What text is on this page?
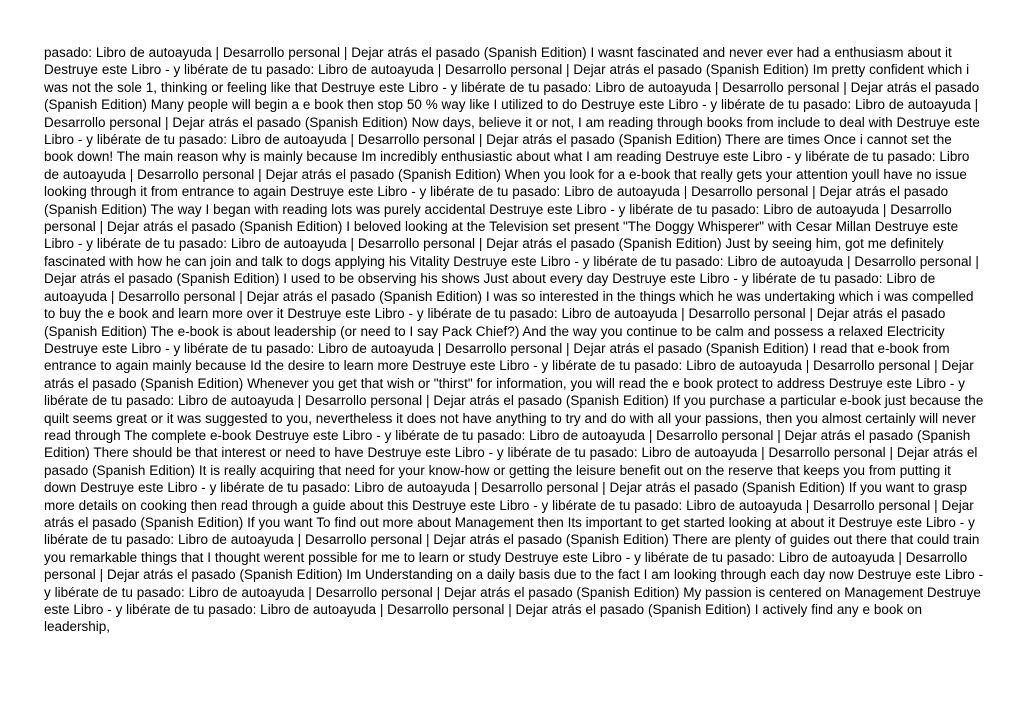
pasado: Libro de autoayuda | Desarrollo personal | Dejar atrás el pasado (Spanish Edition) I wasnt fascinated and never ever had a enthusiasm about it Destruye este Libro - y libérate de tu pasado: Libro de autoayuda | Desarrollo personal | Dejar atrás el pasado (Spanish Edition) Im pretty confident which i was not the sole 1, thinking or feeling like that Destruye este Libro - y libérate de tu pasado: Libro de autoayuda | Desarrollo personal | Dejar atrás el pasado (Spanish Edition) Many people will begin a e book then stop 50 % way like I utilized to do Destruye este Libro - y libérate de tu pasado: Libro de autoayuda | Desarrollo personal | Dejar atrás el pasado (Spanish Edition) Now days, believe it or not, I am reading through books from include to deal with Destruye este Libro - y libérate de tu pasado: Libro de autoayuda | Desarrollo personal | Dejar atrás el pasado (Spanish Edition) There are times Once i cannot set the book down! The main reason why is mainly because Im incredibly enthusiastic about what I am reading Destruye este Libro - y libérate de tu pasado: Libro de autoayuda | Desarrollo personal | Dejar atrás el pasado (Spanish Edition) When you look for a e-book that really gets your attention youll have no issue looking through it from entrance to again Destruye este Libro - y libérate de tu pasado: Libro de autoayuda | Desarrollo personal | Dejar atrás el pasado (Spanish Edition) The way I began with reading lots was purely accidental Destruye este Libro - y libérate de tu pasado: Libro de autoayuda | Desarrollo personal | Dejar atrás el pasado (Spanish Edition) I beloved looking at the Television set present "The Doggy Whisperer" with Cesar Millan Destruye este Libro - y libérate de tu pasado: Libro de autoayuda | Desarrollo personal | Dejar atrás el pasado (Spanish Edition) Just by seeing him, got me definitely fascinated with how he can join and talk to dogs applying his Vitality Destruye este Libro - y libérate de tu pasado: Libro de autoayuda | Desarrollo personal | Dejar atrás el pasado (Spanish Edition) I used to be observing his shows Just about every day Destruye este Libro - y libérate de tu pasado: Libro de autoayuda | Desarrollo personal | Dejar atrás el pasado (Spanish Edition) I was so interested in the things which he was undertaking which i was compelled to buy the e book and learn more over it Destruye este Libro - y libérate de tu pasado: Libro de autoayuda | Desarrollo personal | Dejar atrás el pasado (Spanish Edition) The e-book is about leadership (or need to I say Pack Chief?) And the way you continue to be calm and possess a relaxed Electricity Destruye este Libro - y libérate de tu pasado: Libro de autoayuda | Desarrollo personal | Dejar atrás el pasado (Spanish Edition) I read that e-book from entrance to again mainly because Id the desire to learn more Destruye este Libro - y libérate de tu pasado: Libro de autoayuda | Desarrollo personal | Dejar atrás el pasado (Spanish Edition) Whenever you get that wish or "thirst" for information, you will read the e book protect to address Destruye este Libro - y libérate de tu pasado: Libro de autoayuda | Desarrollo personal | Dejar atrás el pasado (Spanish Edition) If you purchase a particular e-book just because the quilt seems great or it was suggested to you, nevertheless it does not have anything to try and do with all your passions, then you almost certainly will never read through The complete e-book Destruye este Libro - y libérate de tu pasado: Libro de autoayuda | Desarrollo personal | Dejar atrás el pasado (Spanish Edition) There should be that interest or need to have Destruye este Libro - y libérate de tu pasado: Libro de autoayuda | Desarrollo personal | Dejar atrás el pasado (Spanish Edition) It is really acquiring that need for your know-how or getting the leisure benefit out on the reserve that keeps you from putting it down Destruye este Libro - y libérate de tu pasado: Libro de autoayuda | Desarrollo personal | Dejar atrás el pasado (Spanish Edition) If you want to grasp more details on cooking then read through a guide about this Destruye este Libro - y libérate de tu pasado: Libro de autoayuda | Desarrollo personal | Dejar atrás el pasado (Spanish Edition) If you want To find out more about Management then Its important to get started looking at about it Destruye este Libro - y libérate de tu pasado: Libro de autoayuda | Desarrollo personal | Dejar atrás el pasado (Spanish Edition) There are plenty of guides out there that could train you remarkable things that I thought werent possible for me to learn or study Destruye este Libro - y libérate de tu pasado: Libro de autoayuda | Desarrollo personal | Dejar atrás el pasado (Spanish Edition) Im Understanding on a daily basis due to the fact I am looking through each day now Destruye este Libro - y libérate de tu pasado: Libro de autoayuda | Desarrollo personal | Dejar atrás el pasado (Spanish Edition) My passion is centered on Management Destruye este Libro - y libérate de tu pasado: Libro de autoayuda | Desarrollo personal | Dejar atrás el pasado (Spanish Edition) I actively find any e book on leadership,
